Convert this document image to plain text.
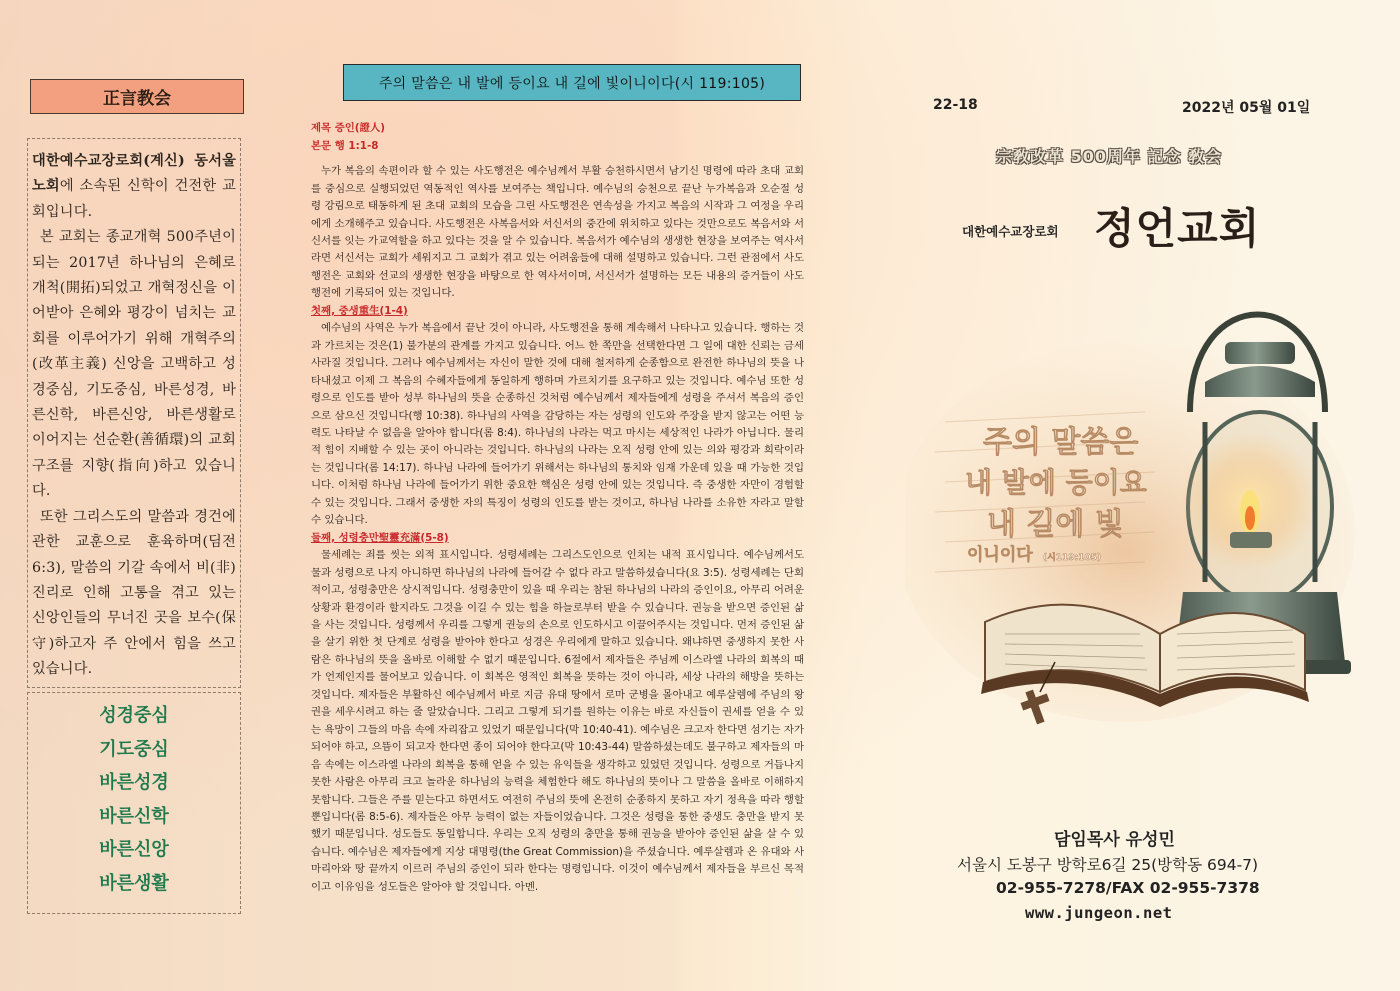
正言教会

대한예수교장로회(계신) 동서울 노회에 소속된 신학이 건전한 교회입니다.

본 교회는 종교개혁 500주년이 되는 2017년 하나님의 은혜로 개척(開拓)되었고 개혁정신을 이어받아 은혜와 평강이 넘치는 교회를 이루어가기 위해 개혁주의(改革主義) 신앙을 고백하고 성경중심, 기도중심, 바른성경, 바른신학, 바른신앙, 바른생활로 이어지는 선순환(善循環)의 교회 구조를 지향(指向)하고 있습니다.

또한 그리스도의 말씀과 경건에 관한 교훈으로 훈육하며(딤전 6:3), 말씀의 기갈 속에서 비(非) 진리로 인해 고통을 겪고 있는 신앙인들의 무너진 곳을 보수(保守)하고자 주 안에서 힘을 쓰고 있습니다.

성경중심
기도중심
바른성경
바른신학
바른신앙
바른생활
주의 말씀은 내 발에 등이요 내 길에 빛이니이다(시 119:105)
제목 증인(證人)
본문 행 1:1-8

누가 복음의 속편이라 할 수 있는 사도행전은 예수님께서 부활 승천하시면서 남기신 명령에 따라 초대 교회를 중심으로 실행되었던 역동적인 역사를 보여주는 책입니다. 예수님의 승천으로 끝난 누가복음과 오순절 성령 강림으로 태동하게 된 초대 교회의 모습을 그린 사도행전은 연속성을 가지고 복음의 시작과 그 여정을 우리에게 소개해주고 있습니다. 사도행전은 사복음서와 서신서의 중간에 위치하고 있다는 것만으로도 복음서와 서신서를 잇는 가교역할을 하고 있다는 것을 알 수 있습니다. 복음서가 예수님의 생생한 현장을 보여주는 역사서라면 서신서는 교회가 세워지고 그 교회가 겪고 있는 어려움들에 대해 설명하고 있습니다. 그런 관점에서 사도행전은 교회와 선교의 생생한 현장을 바탕으로 한 역사서이며, 서신서가 설명하는 모든 내용의 증거들이 사도행전에 기록되어 있는 것입니다.

첫째, 중생重生(1-4)

예수님의 사역은 누가 복음에서 끝난 것이 아니라, 사도행전을 통해 계속해서 나타나고 있습니다. 행하는 것과 가르치는 것은(1) 불가분의 관계를 가지고 있습니다. 어느 한 쪽만을 선택한다면 그 일에 대한 신뢰는 금세 사라질 것입니다. 그러나 예수님께서는 자신이 말한 것에 대해 철저하게 순종함으로 완전한 하나님의 뜻을 나타내셨고 이제 그 복음의 수혜자들에게 동일하게 행하며 가르치기를 요구하고 있는 것입니다. 예수님 또한 성령으로 인도를 받아 성부 하나님의 뜻을 순종하신 것처럼 예수님께서 제자들에게 성령을 주셔서 복음의 증인으로 삼으신 것입니다(행 10:38). 하나님의 사역을 감당하는 자는 성령의 인도와 주장을 받지 않고는 어떤 능력도 나타날 수 없음을 알아야 합니다(롬 8:4). 하나님의 나라는 먹고 마시는 세상적인 나라가 아닙니다. 물리적 힘이 지배할 수 있는 곳이 아니라는 것입니다. 하나님의 나라는 오직 성령 안에 있는 의와 평강과 희락이라는 것입니다(롬 14:17). 하나님 나라에 들어가기 위해서는 하나님의 통치와 임재 가운데 있을 때 가능한 것입니다. 이처럼 하나님 나라에 들어가기 위한 중요한 핵심은 성령 안에 있는 것입니다. 즉 중생한 자만이 경험할 수 있는 것입니다. 그래서 중생한 자의 특징이 성령의 인도를 받는 것이고, 하나님 나라를 소유한 자라고 말할 수 있습니다.

둘째, 성령충만聖靈充滿(5-8)

물세례는 죄를 씻는 외적 표시입니다. 성령세례는 그리스도인으로 인치는 내적 표시입니다. 예수님께서도 물과 성령으로 나지 아니하면 하나님의 나라에 들어갈 수 없다 라고 말씀하셨습니다(요 3:5). 성령세례는 단회적이고, 성령충만은 상시적입니다. 성령충만이 있을 때 우리는 참된 하나님의 나라의 증인이요, 아무리 어려운 상황과 환경이라 할지라도 그것을 이길 수 있는 힘을 하늘로부터 받을 수 있습니다. 권능을 받으면 증인된 삶을 사는 것입니다. 성령께서 우리를 그렇게 권능의 손으로 인도하시고 이끌어주시는 것입니다. 먼저 증인된 삶을 살기 위한 첫 단계로 성령을 받아야 한다고 성경은 우리에게 말하고 있습니다. 왜냐하면 중생하지 못한 사람은 하나님의 뜻을 올바로 이해할 수 없기 때문입니다. 6절에서 제자들은 주님께 이스라엘 나라의 회복의 때가 언제인지를 물어보고 있습니다. 이 회복은 영적인 회복을 뜻하는 것이 아니라, 세상 나라의 해방을 뜻하는 것입니다. 제자들은 부활하신 예수님께서 바로 지금 유대 땅에서 로마 군병을 몰아내고 예루살렘에 주님의 왕권을 세우시려고 하는 줄 알았습니다. 그리고 그렇게 되기를 원하는 이유는 바로 자신들이 권세를 얻을 수 있는 욕망이 그들의 마음 속에 자리잡고 있었기 때문입니다(막 10:40-41). 예수님은 크고자 한다면 섬기는 자가 되어야 하고, 으뜸이 되고자 한다면 종이 되어야 한다고(막 10:43-44) 말씀하셨는데도 불구하고 제자들의 마음 속에는 이스라엘 나라의 회복을 통해 얻을 수 있는 유익들을 생각하고 있었던 것입니다. 성령으로 거듭나지 못한 사람은 아무리 크고 놀라운 하나님의 능력을 체험한다 해도 하나님의 뜻이나 그 말씀을 올바로 이해하지 못합니다. 그들은 주를 믿는다고 하면서도 여전히 주님의 뜻에 온전히 순종하지 못하고 자기 정욕을 따라 행할 뿐입니다(롬 8:5-6). 제자들은 아무 능력이 없는 자들이었습니다. 그것은 성령을 통한 중생도 충만을 받지 못했기 때문입니다. 성도들도 동일합니다. 우리는 오직 성령의 충만을 통해 권능을 받아야 증인된 삶을 살 수 있습니다. 예수님은 제자들에게 지상 대명령(the Great Commission)을 주셨습니다. 예루살렘과 온 유대와 사마리아와 땅 끝까지 이르러 주님의 증인이 되라 한다는 명령입니다. 이것이 예수님께서 제자들을 부르신 목적이고 이유임을 성도들은 알아야 할 것입니다. 아멘.

22-18	2022년 05월 01일
宗敎改革 500周年 記念 敎会
대한예수교장로회 정언교회
주의 말씀은
내 발에 등이요
내 길에 빛
이니이다 (시119:105)
담임목사 유성민
서울시 도봉구 방학로6길 25(방학동 694-7)
02-955-7278/FAX 02-955-7378
www.jungeon.net
